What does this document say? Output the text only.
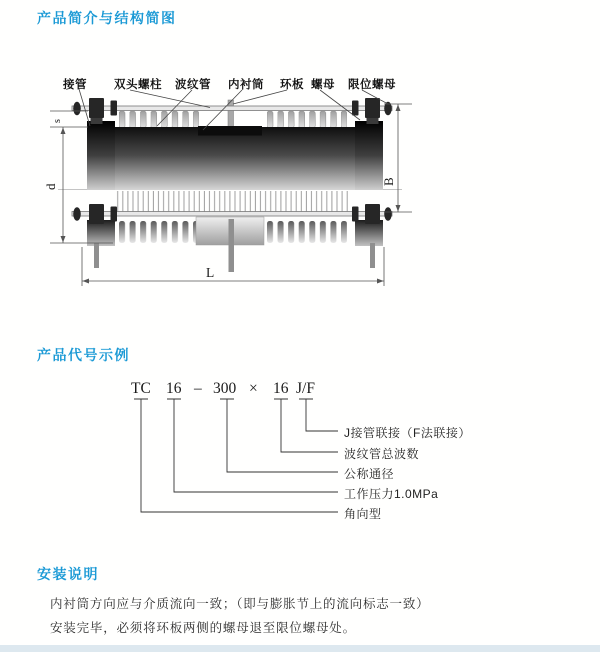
产品简介与结构简图
s
d
B
L
接管 双头螺柱 波纹管 内衬筒 环板 螺母 限位螺母
产品代号示例
TC 16 – 300 × 16 J/F
J接管联接（F法联接）
波纹管总波数
公称通径
工作压力1.0MPa
角向型
安装说明

内衬筒方向应与介质流向一致；（即与膨胀节上的流向标志一致）

安装完毕，必须将环板两侧的螺母退至限位螺母处。
